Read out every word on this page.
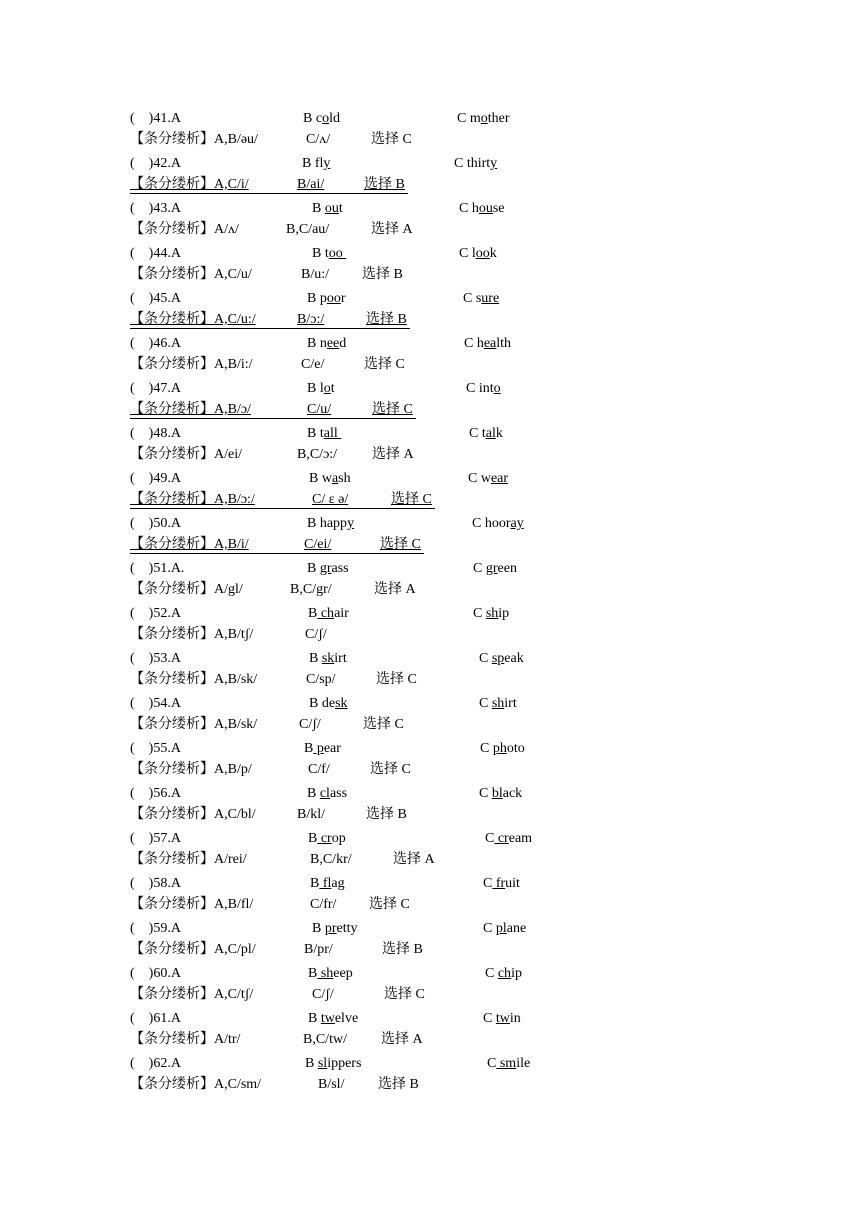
(    )41.A	B cold	C mother
【条分缕析】A,B/əu/	C/ʌ/	选择 C
(    )42.A	B fly	C thirty
【条分缕析】A,C/i/	B/ai/	选择 B
(    )43.A	B out	C house
【条分缕析】A/ʌ/	B,C/au/	选择 A
(    )44.A	B too	C look
【条分缕析】A,C/u/	B/u:/ 选择 B
(    )45.A	B poor	C sure
【条分缕析】A,C/u:/	B/ɔ:/	选择 B
(    )46.A	B need	C health
【条分缕析】A,B/i:/	C/e/	选择 C
(    )47.A	B lot	C into
【条分缕析】A,B/ɔ/	C/u/	选择 C
(    )48.A	B tall	C talk
【条分缕析】A/ei/	B,C/ɔ:/ 选择 A
(    )49.A	B wash	C wear
【条分缕析】A,B/ɔ:/	C/ ε ə/	选择 C
(    )50.A	B happy	C hooray
【条分缕析】A,B/i/	C/ei/	选择 C
(    )51.A.	B grass	C green
【条分缕析】A/gl/	B,C/gr/	选择 A
(    )52.A	B chair	C ship
【条分缕析】A,B/tʃ/	C/ʃ/
(    )53.A	B skirt	C speak
【条分缕析】A,B/sk/	C/sp/	选择 C
(    )54.A	B desk	C shirt
【条分缕析】A,B/sk/	C/ʃ/	选择 C
(    )55.A	B pear	C photo
【条分缕析】A,B/p/	C/f/	选择 C
(    )56.A	B class	C black
【条分缕析】A,C/bl/	B/kl/	选择 B
(    )57.A	B crop	C cream
【条分缕析】A/rei/	B,C/kr/	选择 A
(    )58.A	B flag	C fruit
【条分缕析】A,B/fl/	C/fr/ 选择 C
(    )59.A	B pretty	C plane
【条分缕析】A,C/pl/	B/pr/	选择 B
(    )60.A	B sheep	C chip
【条分缕析】A,C/tʃ/	C/ʃ/	选择 C
(    )61.A	B twelve	C twin
【条分缕析】A/tr/	B,C/tw/ 选择 A
(    )62.A	B slippers	C smile
【条分缕析】A,C/sm/	B/sl/ 选择 B
